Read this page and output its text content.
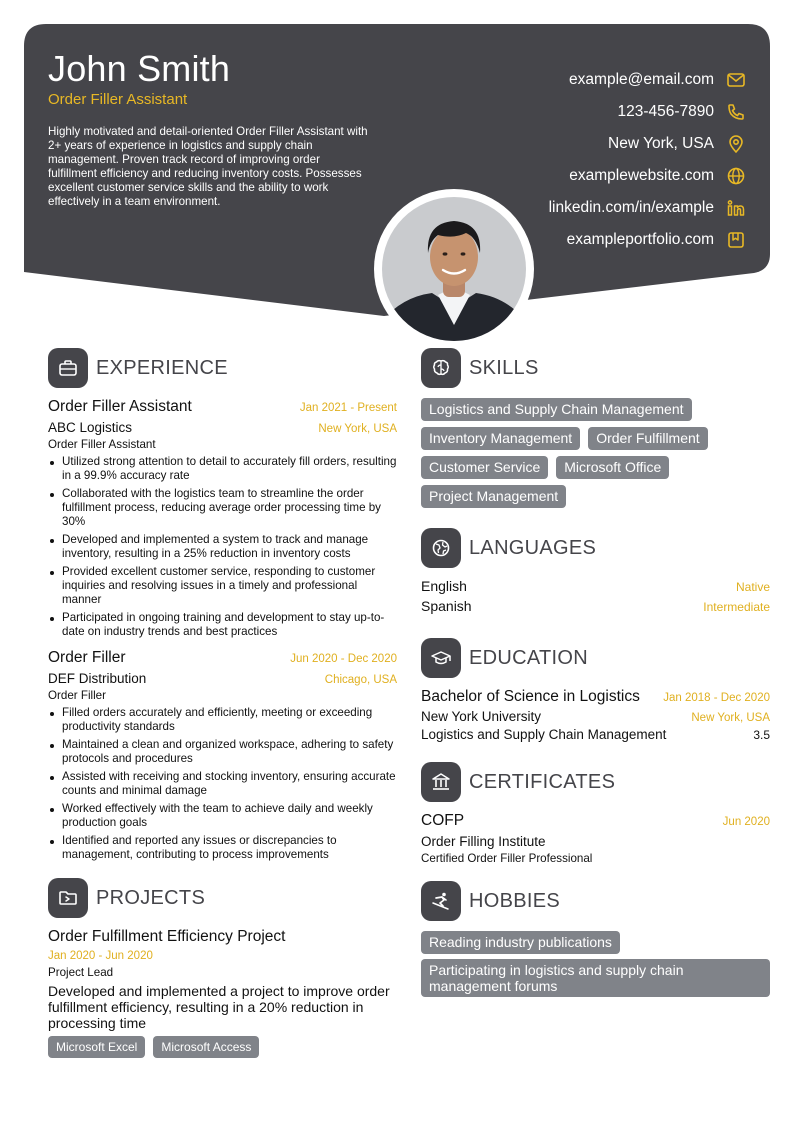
John Smith
Order Filler Assistant
Highly motivated and detail-oriented Order Filler Assistant with 2+ years of experience in logistics and supply chain management. Proven track record of improving order fulfillment efficiency and reducing inventory costs. Possesses excellent customer service skills and the ability to work effectively in a team environment.
example@email.com
123-456-7890
New York, USA
examplewebsite.com
linkedin.com/in/example
exampleportfolio.com
EXPERIENCE
Order Filler Assistant	Jan 2021 - Present
ABC Logistics	New York, USA
Order Filler Assistant
Utilized strong attention to detail to accurately fill orders, resulting in a 99.9% accuracy rate
Collaborated with the logistics team to streamline the order fulfillment process, reducing average order processing time by 30%
Developed and implemented a system to track and manage inventory, resulting in a 25% reduction in inventory costs
Provided excellent customer service, responding to customer inquiries and resolving issues in a timely and professional manner
Participated in ongoing training and development to stay up-to-date on industry trends and best practices
Order Filler	Jun 2020 - Dec 2020
DEF Distribution	Chicago, USA
Order Filler
Filled orders accurately and efficiently, meeting or exceeding productivity standards
Maintained a clean and organized workspace, adhering to safety protocols and procedures
Assisted with receiving and stocking inventory, ensuring accurate counts and minimal damage
Worked effectively with the team to achieve daily and weekly production goals
Identified and reported any issues or discrepancies to management, contributing to process improvements
PROJECTS
Order Fulfillment Efficiency Project
Jan 2020 - Jun 2020
Project Lead
Developed and implemented a project to improve order fulfillment efficiency, resulting in a 20% reduction in processing time
Microsoft Excel	Microsoft Access
SKILLS
Logistics and Supply Chain Management
Inventory Management	Order Fulfillment
Customer Service	Microsoft Office
Project Management
LANGUAGES
English	Native
Spanish	Intermediate
EDUCATION
Bachelor of Science in Logistics Jan 2018 - Dec 2020
New York University	New York, USA
Logistics and Supply Chain Management	3.5
CERTIFICATES
COFP	Jun 2020
Order Filling Institute
Certified Order Filler Professional
HOBBIES
Reading industry publications
Participating in logistics and supply chain management forums
